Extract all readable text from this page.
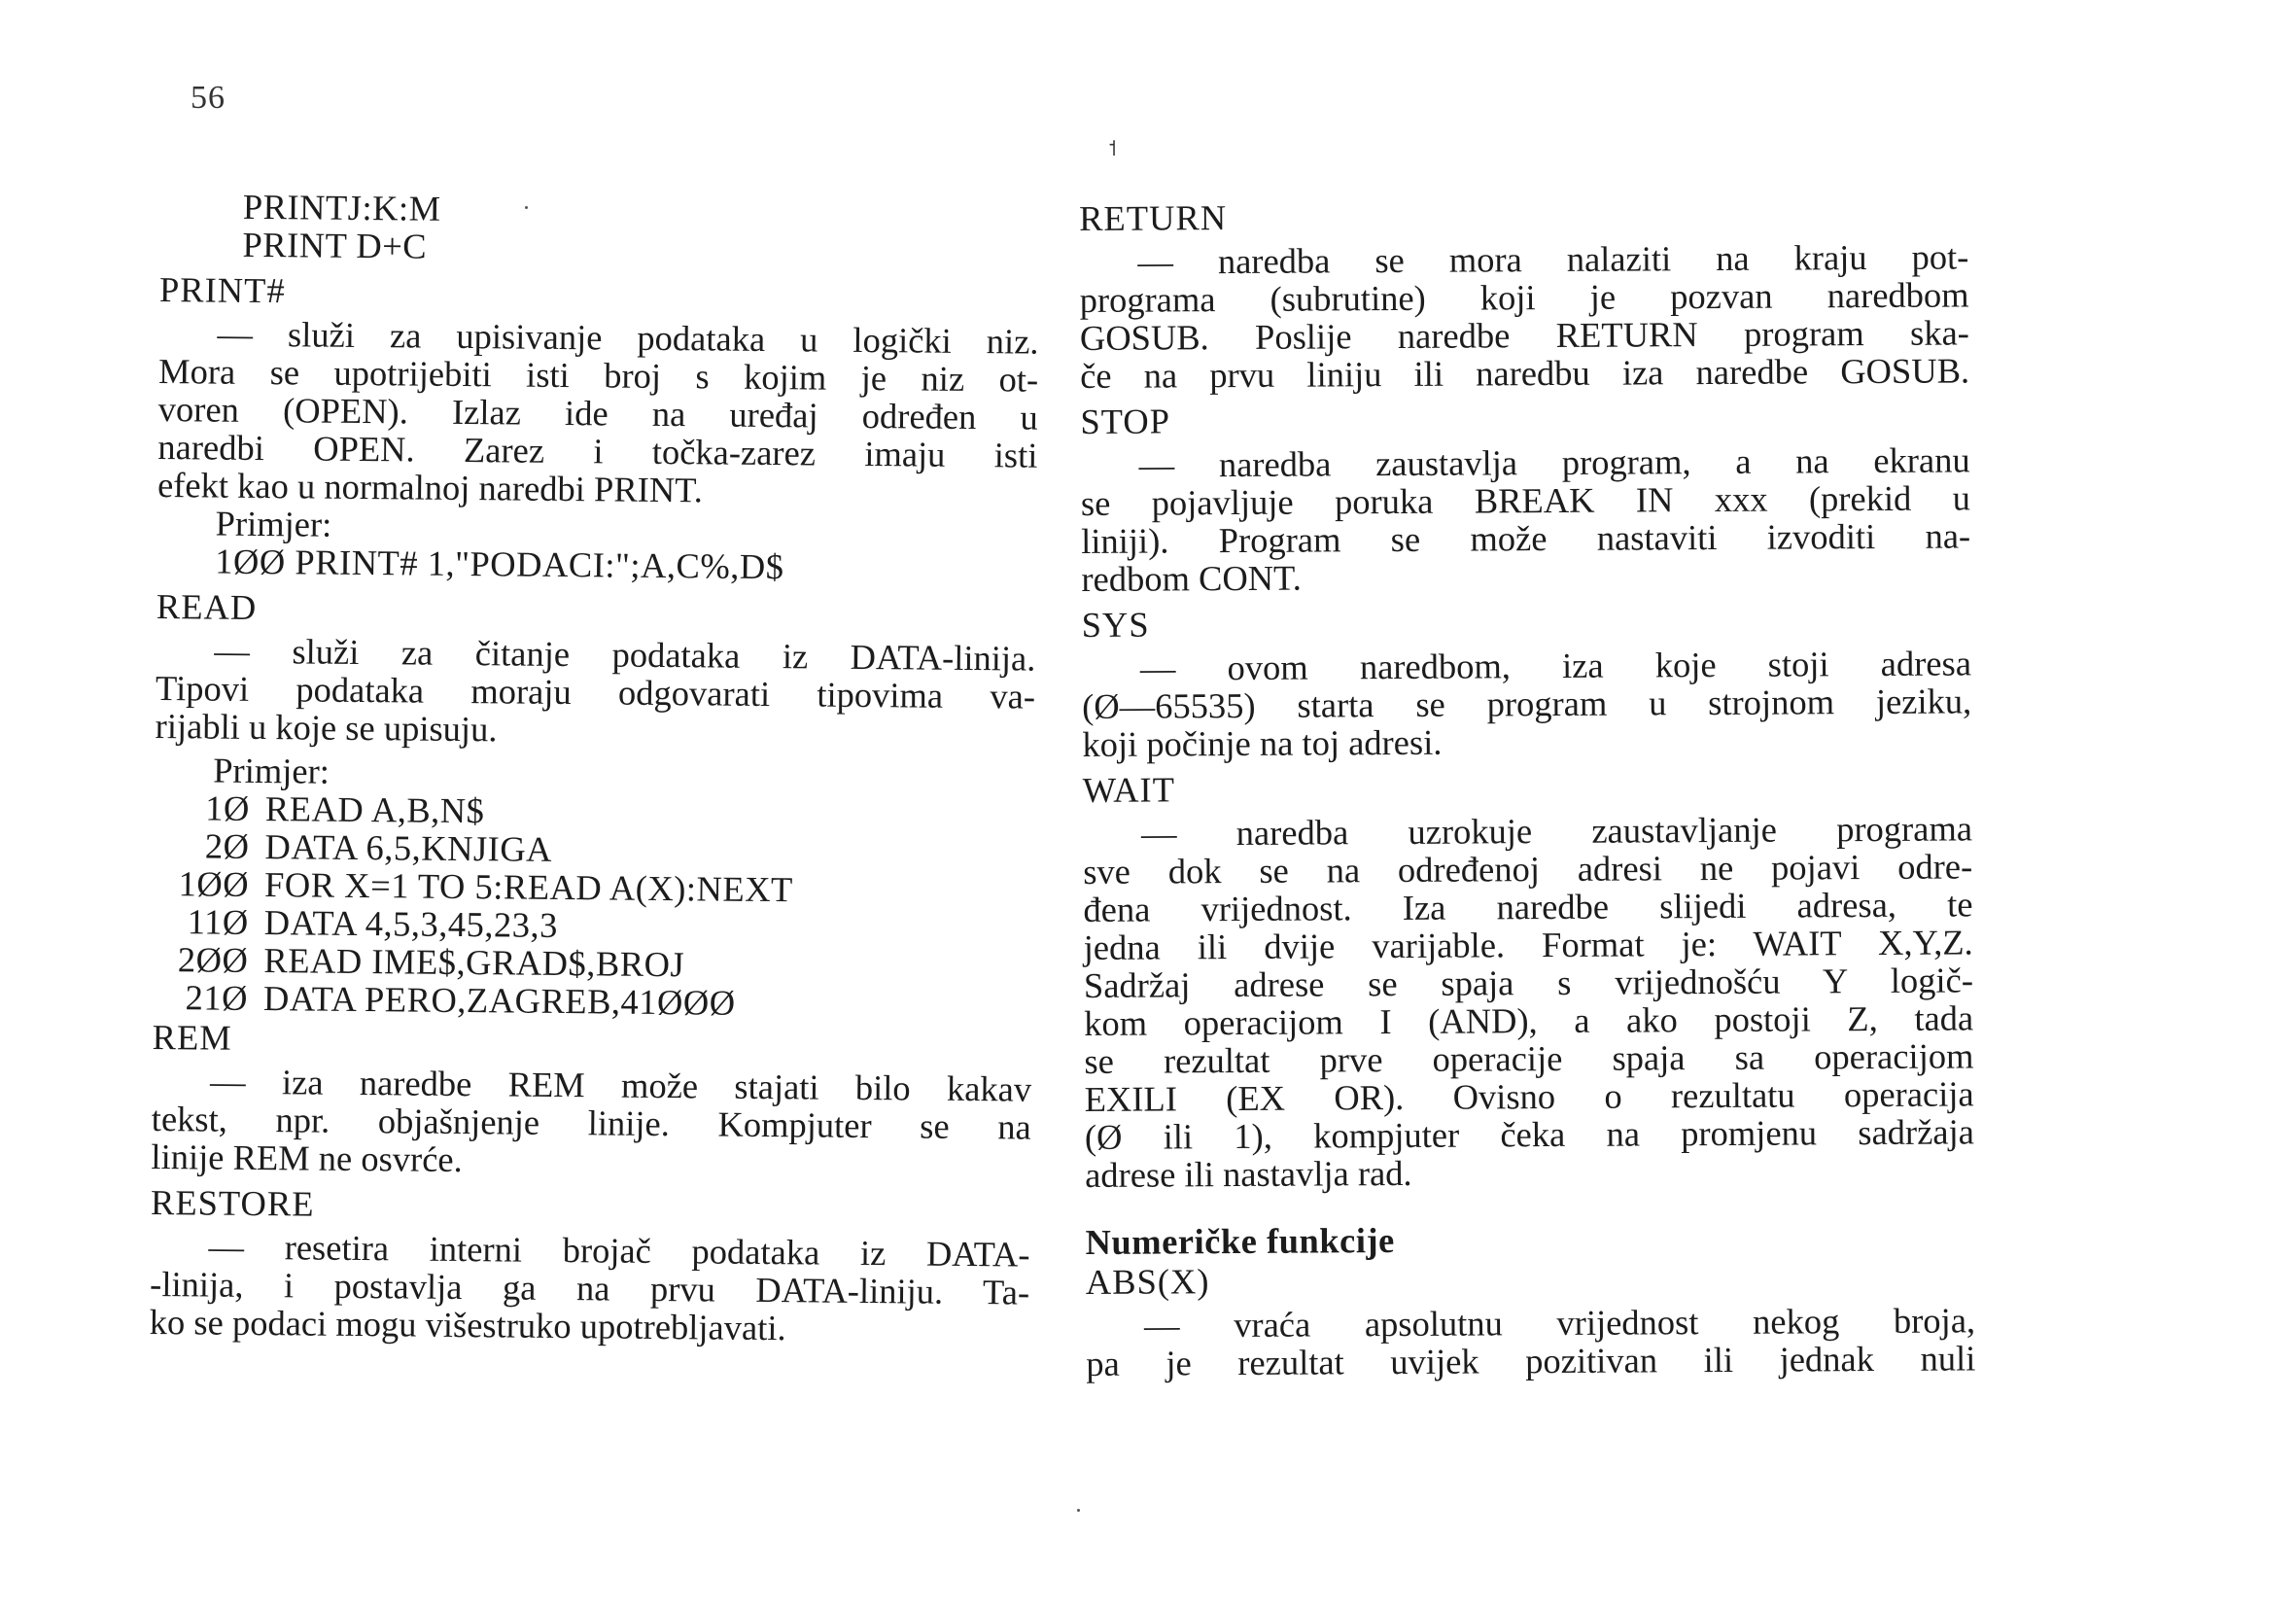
56
˦
PRINTJ:K:M
PRINT D+C
PRINT#
— služi za upisivanje podataka u logički niz.
Mora se upotrijebiti isti broj s kojim je niz ot-
voren (OPEN). Izlaz ide na uređaj određen u
naredbi OPEN. Zarez i točka-zarez imaju isti
efekt kao u normalnoj naredbi PRINT.
Primjer:
1ØØ PRINT# 1,"PODACI:";A,C%,D$
READ
— služi za čitanje podataka iz DATA-linija.
Tipovi podataka moraju odgovarati tipovima va-
rijabli u koje se upisuju.
Primjer:
1Ø READ A,B,N$
2Ø DATA 6,5,KNJIGA
1ØØ FOR X=1 TO 5:READ A(X):NEXT
11Ø DATA 4,5,3,45,23,3
2ØØ READ IME$,GRAD$,BROJ
21Ø DATA PERO,ZAGREB,41ØØØ
REM
— iza naredbe REM može stajati bilo kakav
tekst, npr. objašnjenje linije. Kompjuter se na
linije REM ne osvrće.
RESTORE
— resetira interni brojač podataka iz DATA-
-linija, i postavlja ga na prvu DATA-liniju. Ta-
ko se podaci mogu višestruko upotrebljavati.
RETURN
— naredba se mora nalaziti na kraju pot-
programa (subrutine) koji je pozvan naredbom
GOSUB. Poslije naredbe RETURN program ska-
če na prvu liniju ili naredbu iza naredbe GOSUB.
STOP
— naredba zaustavlja program, a na ekranu
se pojavljuje poruka BREAK IN xxx (prekid u
liniji). Program se može nastaviti izvoditi na-
redbom CONT.
SYS
— ovom naredbom, iza koje stoji adresa
(Ø—65535) starta se program u strojnom jeziku,
koji počinje na toj adresi.
WAIT
— naredba uzrokuje zaustavljanje programa
sve dok se na određenoj adresi ne pojavi odre-
đena vrijednost. Iza naredbe slijedi adresa, te
jedna ili dvije varijable. Format je: WAIT X,Y,Z.
Sadržaj adrese se spaja s vrijednošću Y logič-
kom operacijom I (AND), a ako postoji Z, tada
se rezultat prve operacije spaja sa operacijom
EXILI (EX OR). Ovisno o rezultatu operacija
(Ø ili 1), kompjuter čeka na promjenu sadržaja
adrese ili nastavlja rad.
Numeričke funkcije
ABS(X)
— vraća apsolutnu vrijednost nekog broja,
pa je rezultat uvijek pozitivan ili jednak nuli
